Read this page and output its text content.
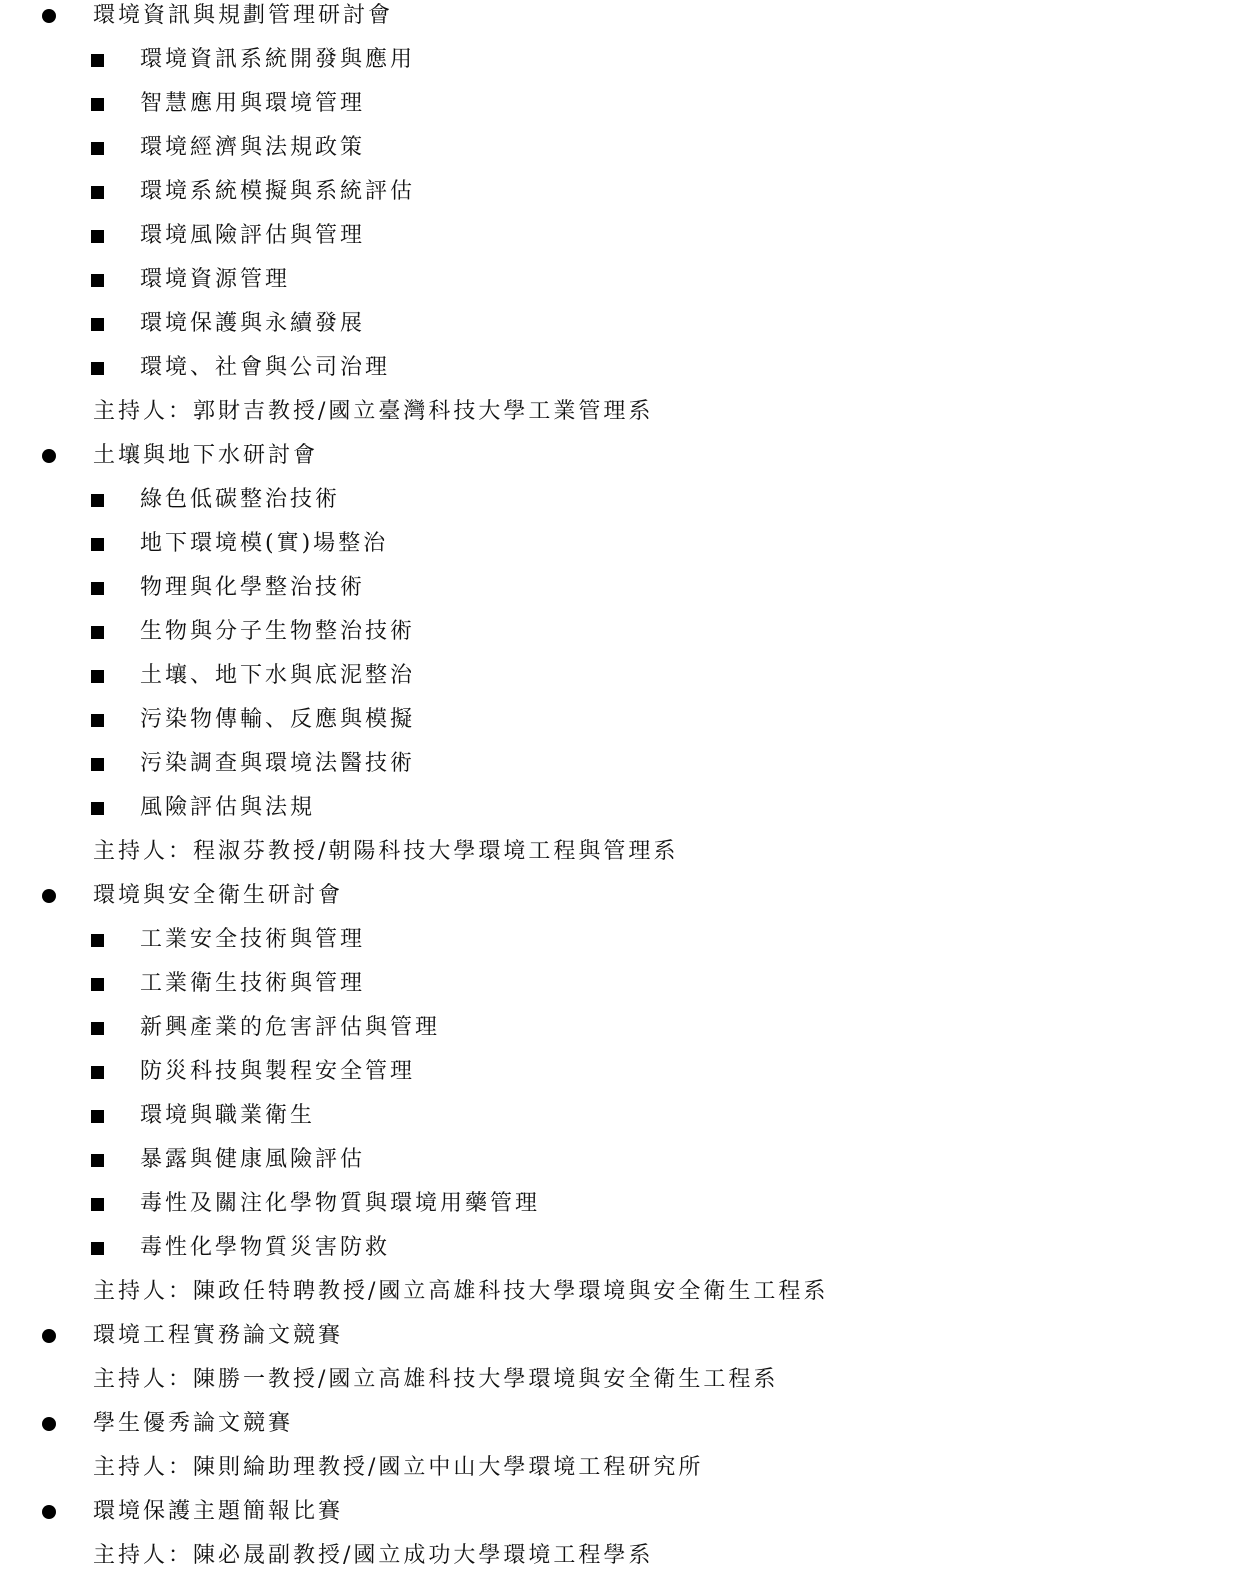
環境資訊與規劃管理研討會
環境資訊系統開發與應用
智慧應用與環境管理
環境經濟與法規政策
環境系統模擬與系統評估
環境風險評估與管理
環境資源管理
環境保護與永續發展
環境、社會與公司治理
主持人：郭財吉教授/國立臺灣科技大學工業管理系
土壤與地下水研討會
綠色低碳整治技術
地下環境模(實)場整治
物理與化學整治技術
生物與分子生物整治技術
土壤、地下水與底泥整治
污染物傳輸、反應與模擬
污染調查與環境法醫技術
風險評估與法規
主持人：程淑芬教授/朝陽科技大學環境工程與管理系
環境與安全衛生研討會
工業安全技術與管理
工業衛生技術與管理
新興產業的危害評估與管理
防災科技與製程安全管理
環境與職業衛生
暴露與健康風險評估
毒性及關注化學物質與環境用藥管理
毒性化學物質災害防救
主持人：陳政任特聘教授/國立高雄科技大學環境與安全衛生工程系
環境工程實務論文競賽
主持人：陳勝一教授/國立高雄科技大學環境與安全衛生工程系
學生優秀論文競賽
主持人：陳則綸助理教授/國立中山大學環境工程研究所
環境保護主題簡報比賽
主持人：陳必晟副教授/國立成功大學環境工程學系
